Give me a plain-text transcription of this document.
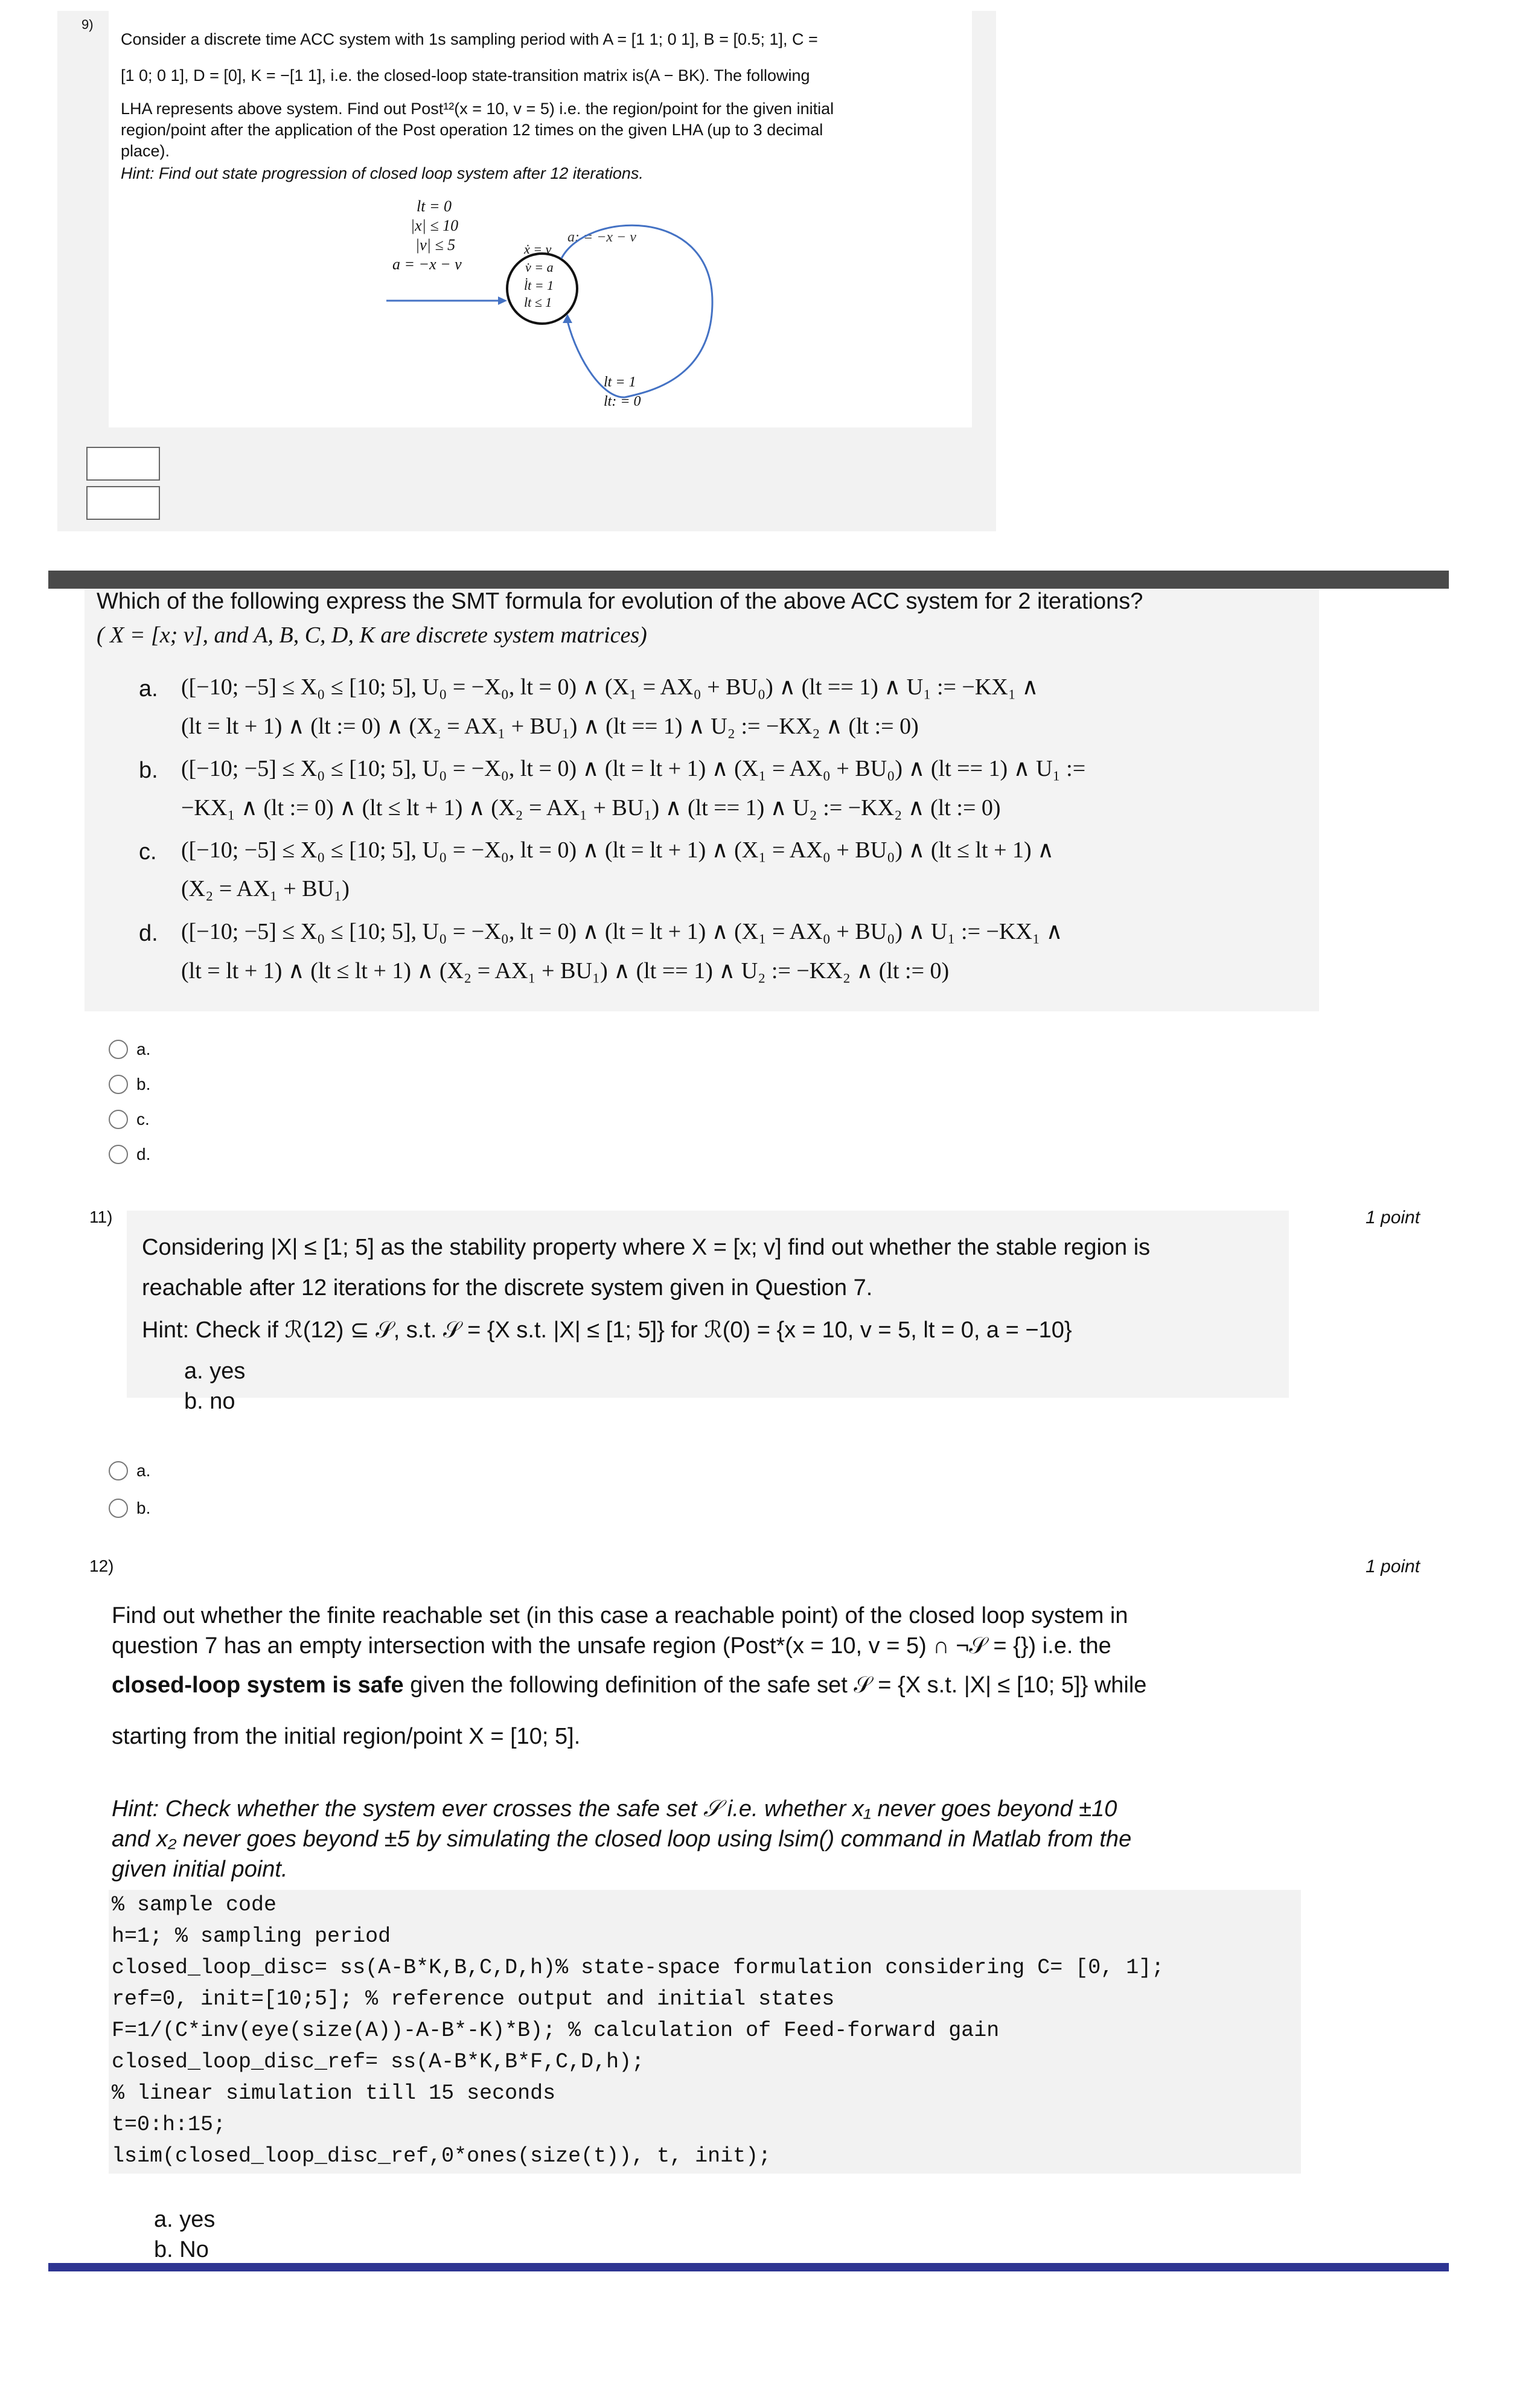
9)
Consider a discrete time ACC system with 1s sampling period with A = [1 1; 0 1], B = [0.5; 1], C =
[1 0; 0 1], D = [0], K = −[1 1], i.e. the closed-loop state-transition matrix is(A − BK). The following
LHA represents above system. Find out Post¹²(x = 10, v = 5) i.e. the region/point for the given initial
region/point after the application of the Post operation 12 times on the given LHA (up to 3 decimal
place).
Hint: Find out state progression of closed loop system after 12 iterations.
lt = 0
|x| ≤ 10
|v| ≤ 5
a = −x − v
ẋ = v
v̇ = a
l̇t = 1
lt ≤ 1
a: = −x − v
lt = 1
lt: = 0
Which of the following express the SMT formula for evolution of the above ACC system for 2 iterations?
( X = [x; v], and A, B, C, D, K are discrete system matrices)
a. ([−10; −5] ≤ X₀ ≤ [10; 5], U₀ = −X₀, lt = 0) ∧ (X₁ = AX₀ + BU₀) ∧ (lt == 1) ∧ U₁ := −KX₁ ∧
(lt = lt + 1) ∧ (lt := 0) ∧ (X₂ = AX₁ + BU₁) ∧ (lt == 1) ∧ U₂ := −KX₂ ∧ (lt := 0)
b. ([−10; −5] ≤ X₀ ≤ [10; 5], U₀ = −X₀, lt = 0) ∧ (lt = lt + 1) ∧ (X₁ = AX₀ + BU₀) ∧ (lt == 1) ∧ U₁ :=
−KX₁ ∧ (lt := 0) ∧ (lt ≤ lt + 1) ∧ (X₂ = AX₁ + BU₁) ∧ (lt == 1) ∧ U₂ := −KX₂ ∧ (lt := 0)
c. ([−10; −5] ≤ X₀ ≤ [10; 5], U₀ = −X₀, lt = 0) ∧ (lt = lt + 1) ∧ (X₁ = AX₀ + BU₀) ∧ (lt ≤ lt + 1) ∧
(X₂ = AX₁ + BU₁)
d. ([−10; −5] ≤ X₀ ≤ [10; 5], U₀ = −X₀, lt = 0) ∧ (lt = lt + 1) ∧ (X₁ = AX₀ + BU₀) ∧ U₁ := −KX₁ ∧
(lt = lt + 1) ∧ (lt ≤ lt + 1) ∧ (X₂ = AX₁ + BU₁) ∧ (lt == 1) ∧ U₂ := −KX₂ ∧ (lt := 0)
a.
b.
c.
d.
11)	1 point
Considering |X| ≤ [1; 5] as the stability property where X = [x; v] find out whether the stable region is
reachable after 12 iterations for the discrete system given in Question 7.
Hint: Check if ℛ(12) ⊆ 𝒮, s.t. 𝒮 = {X s.t. |X| ≤ [1; 5]} for ℛ(0) = {x = 10, v = 5, lt = 0, a = −10}
a. yes
b. no
a.
b.
12)	1 point
Find out whether the finite reachable set (in this case a reachable point) of the closed loop system in
question 7 has an empty intersection with the unsafe region (Post*(x = 10, v = 5) ∩ ¬𝒮 = {}) i.e. the
closed-loop system is safe given the following definition of the safe set 𝒮 = {X s.t. |X| ≤ [10; 5]} while
starting from the initial region/point X = [10; 5].
Hint: Check whether the system ever crosses the safe set 𝒮 i.e. whether x₁ never goes beyond ±10
and x₂ never goes beyond ±5 by simulating the closed loop using lsim() command in Matlab from the
given initial point.
% sample code
h=1; % sampling period
closed_loop_disc= ss(A-B*K,B,C,D,h)% state-space formulation considering C= [0, 1];
ref=0, init=[10;5]; % reference output and initial states
F=1/(C*inv(eye(size(A))-A-B*-K)*B); % calculation of Feed-forward gain
closed_loop_disc_ref= ss(A-B*K,B*F,C,D,h);
% linear simulation till 15 seconds
t=0:h:15;
lsim(closed_loop_disc_ref,0*ones(size(t)), t, init);
a. yes
b. No
